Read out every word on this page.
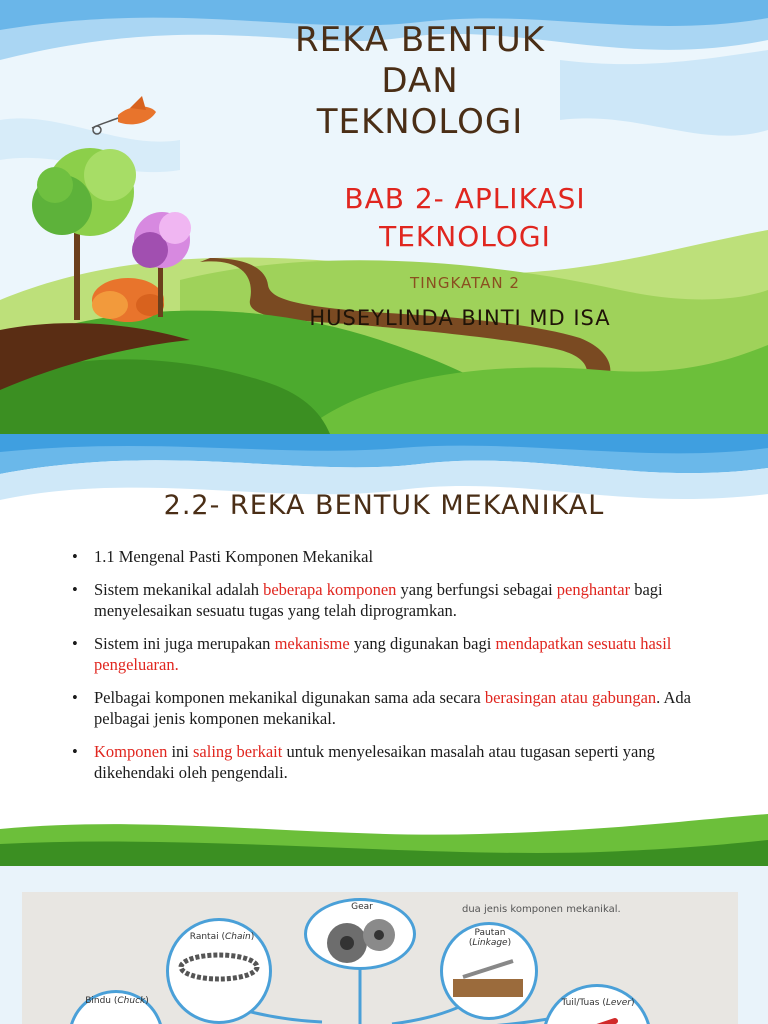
REKA BENTUK
DAN
TEKNOLOGI
BAB 2- APLIKASI
TEKNOLOGI
TINGKATAN 2
HUSEYLINDA BINTI MD ISA
2.2- REKA BENTUK MEKANIKAL
• 1.1 Mengenal Pasti Komponen Mekanikal
• Sistem mekanikal adalah beberapa komponen yang berfungsi sebagai penghantar bagi menyelesaikan sesuatu tugas yang telah diprogramkan.
• Sistem ini juga merupakan mekanisme yang digunakan bagi mendapatkan sesuatu hasil pengeluaran.
• Pelbagai komponen mekanikal digunakan sama ada secara berasingan atau gabungan. Ada pelbagai jenis komponen mekanikal.
• Komponen ini saling berkait untuk menyelesaikan masalah atau tugasan seperti yang dikehendaki oleh pengendali.
dua jenis komponen mekanikal.
Gear
Rantai (Chain)	Pautan
(Linkage)
Bindu (Chuck)	Tuil/Tuas (Lever)
